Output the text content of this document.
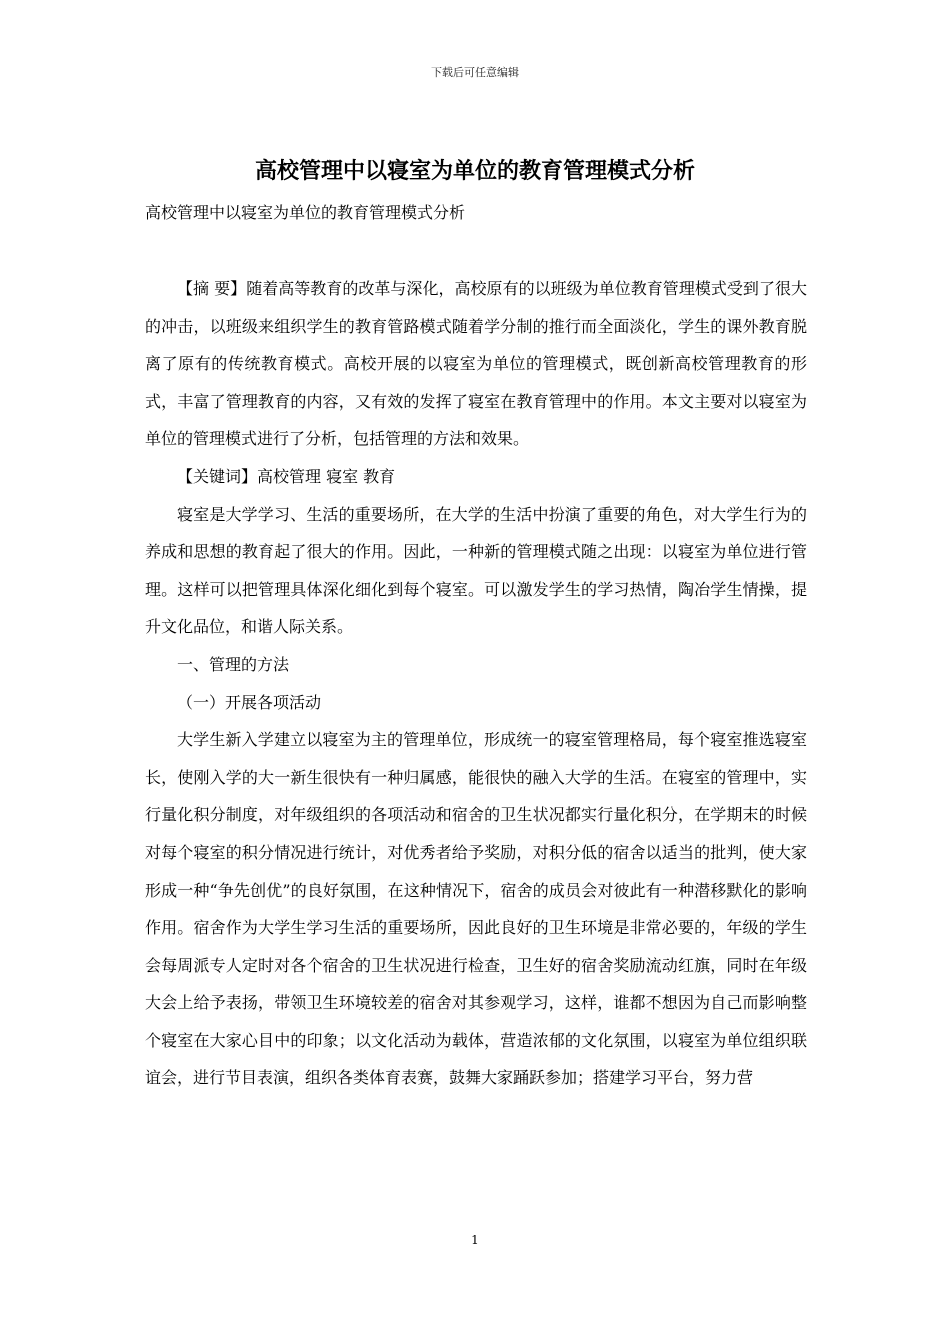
下载后可任意编辑
高校管理中以寝室为单位的教育管理模式分析
高校管理中以寝室为单位的教育管理模式分析

【摘 要】随着高等教育的改革与深化，高校原有的以班级为单位教育管理模式受到了很大的冲击，以班级来组织学生的教育管路模式随着学分制的推行而全面淡化，学生的课外教育脱离了原有的传统教育模式。高校开展的以寝室为单位的管理模式，既创新高校管理教育的形式，丰富了管理教育的内容，又有效的发挥了寝室在教育管理中的作用。本文主要对以寝室为单位的管理模式进行了分析，包括管理的方法和效果。

【关键词】高校管理 寝室 教育

寝室是大学学习、生活的重要场所，在大学的生活中扮演了重要的角色，对大学生行为的养成和思想的教育起了很大的作用。因此，一种新的管理模式随之出现：以寝室为单位进行管理。这样可以把管理具体深化细化到每个寝室。可以激发学生的学习热情，陶冶学生情操，提升文化品位，和谐人际关系。

一、管理的方法

（一）开展各项活动

大学生新入学建立以寝室为主的管理单位，形成统一的寝室管理格局，每个寝室推选寝室长，使刚入学的大一新生很快有一种归属感，能很快的融入大学的生活。在寝室的管理中，实行量化积分制度，对年级组织的各项活动和宿舍的卫生状况都实行量化积分，在学期末的时候对每个寝室的积分情况进行统计，对优秀者给予奖励，对积分低的宿舍以适当的批判，使大家形成一种“争先创优”的良好氛围，在这种情况下，宿舍的成员会对彼此有一种潜移默化的影响作用。宿舍作为大学生学习生活的重要场所，因此良好的卫生环境是非常必要的，年级的学生会每周派专人定时对各个宿舍的卫生状况进行检查，卫生好的宿舍奖励流动红旗，同时在年级大会上给予表扬，带领卫生环境较差的宿舍对其参观学习，这样，谁都不想因为自己而影响整个寝室在大家心目中的印象；以文化活动为载体，营造浓郁的文化氛围，以寝室为单位组织联谊会，进行节目表演，组织各类体育表赛，鼓舞大家踊跃参加；搭建学习平台，努力营

1
